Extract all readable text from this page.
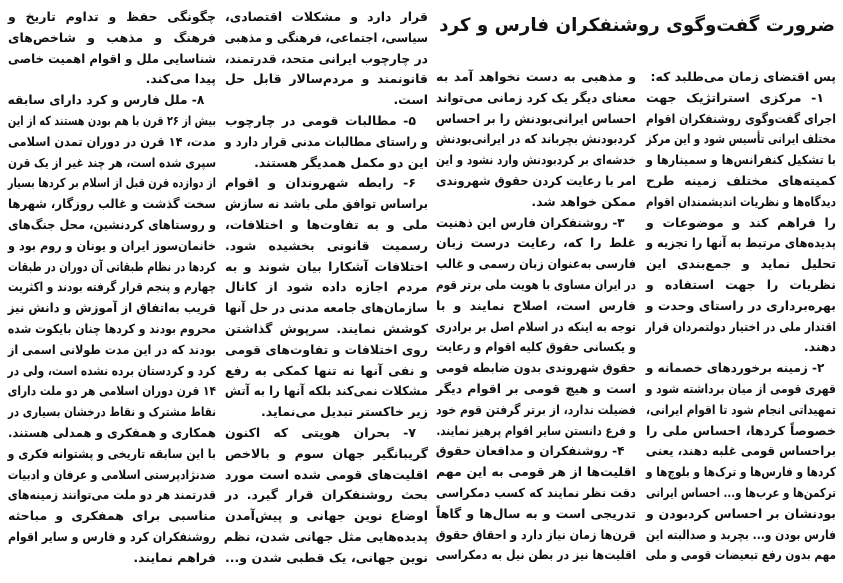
ضرورت گفت‌وگوی روشنفکران فارس و کرد
پس اقتضای زمان می‌طلبد که:
۱- مرکزی استراتژیک جهت
اجرای گفت‌وگوی روشنفکران اقوام
مختلف ایرانی تأسیس شود و این مرکز
با تشکیل کنفرانس‌ها و سمینارها و
کمیته‌های مختلف زمینه طرح
دیدگاه‌ها و نظریات اندیشمندان اقوام
را فراهم کند و موضوعات و
پدیده‌های مرتبط به آنها را تجزیه و
تحلیل نماید و جمع‌بندی این
نظریات را جهت استفاده و
بهره‌برداری در راستای وحدت و
اقتدار ملی در اختیار دولتمردان قرار
دهند.
۲- زمینه برخوردهای خصمانه و
قهری قومی از میان برداشته شود و
تمهیداتی انجام شود تا اقوام ایرانی،
خصوصاً کردها، احساس ملی را
براحساس قومی غلبه دهند، یعنی
کردها و فارس‌ها و ترک‌ها و بلوچ‌ها و
ترکمن‌ها و عرب‌ها و... احساس ایرانی
بودنشان بر احساس کردبودن و
فارس بودن و... بچربد و صدالبته این
مهم بدون رفع تبعیضات قومی و ملی
و مذهبی به دست نخواهد آمد به
معنای دیگر یک کرد زمانی می‌تواند
احساس ایرانی‌بودنش را بر احساس
کردبودنش بچرباند که در ایرانی‌بودنش
خدشه‌ای بر کردبودنش وارد نشود و این
امر با رعایت کردن حقوق شهروندی
ممکن خواهد شد.
۳- روشنفکران فارس این ذهنیت
غلط را که، رعایت درست زبان
فارسی به‌عنوان زبان رسمی و غالب
در ایران مساوی با هویت ملی برتر قوم
فارس است، اصلاح نمایند و با
توجه به اینکه در اسلام اصل بر برادری
و یکسانی حقوق کلیه اقوام و رعایت
حقوق شهروندی بدون ضابطه قومی
است و هیچ قومی بر اقوام دیگر
فضیلت ندارد، از برتر گرفتن قوم خود
و فرع دانستن سایر اقوام پرهیز نمایند.
۴- روشنفکران و مدافعان حقوق
اقلیت‌ها از هر قومی به این مهم
دقت نظر نمایند که کسب دمکراسی
تدریجی است و به سال‌ها و گاهاً
قرن‌ها زمان نیاز دارد و احقاق حقوق
اقلیت‌ها نیز در بطن نیل به دمکراسی
قرار دارد و مشکلات اقتصادی،
سیاسی، اجتماعی، فرهنگی و مذهبی
در چارچوب ایرانی متحد، قدرتمند،
قانونمند و مردم‌سالار قابل حل
است.
۵- مطالبات قومی در چارچوب
و راستای مطالبات مدنی قرار دارد و
این دو مکمل همدیگر هستند.
۶- رابطه شهروندان و اقوام
براساس توافق ملی باشد نه سازش
ملی و به تفاوت‌ها و اختلافات،
رسمیت قانونی بخشیده شود.
اختلافات آشکارا بیان شوند و به
مردم اجازه داده شود از کانال
سازمان‌های جامعه مدنی در حل آنها
کوشش نمایند. سرپوش گذاشتن
روی اختلافات و تفاوت‌های قومی
و نفی آنها نه تنها کمکی به رفع
مشکلات نمی‌کند بلکه آنها را به آتش
زیر خاکستر تبدیل می‌نماید.
۷- بحران هویتی که اکنون
گریبانگیر جهان سوم و بالاخص
اقلیت‌های قومی شده است مورد
بحث روشنفکران قرار گیرد. در
اوضاع نوین جهانی و پیش‌آمدن
پدیده‌هایی مثل جهانی شدن، نظم
نوین جهانی، یک قطبی شدن و...
چگونگی حفظ و تداوم تاریخ و
فرهنگ و مذهب و شاخص‌های
شناسایی ملل و اقوام اهمیت خاصی
پیدا می‌کند.
۸- ملل فارس و کرد دارای سابقه
بیش از ۲۶ قرن با هم بودن هستند که از این
مدت، ۱۴ قرن در دوران تمدن اسلامی
سپری شده است، هر چند غیر از یک قرن
از دوازده قرن قبل از اسلام بر کردها بسیار
سخت گذشت و غالب روزگار، شهرها
و روستاهای کردنشین، محل جنگ‌های
خانمان‌سوز ایران و یونان و روم بود و
کردها در نظام طبقاتی آن دوران در طبقات
چهارم و پنجم قرار گرفته بودند و اکثریت
قریب به‌اتفاق از آموزش و دانش نیز
محروم بودند و کردها چنان بایکوت شده
بودند که در این مدت طولانی اسمی از
کرد و کردستان برده نشده است، ولی در
۱۴ قرن دوران اسلامی هر دو ملت دارای
نقاط مشترک و نقاط درخشان بسیاری در
همکاری و همفکری و همدلی هستند.
با این سابقه تاریخی و پشتوانه فکری و
ضدنژادپرستی اسلامی و عرفان و ادبیات
قدرتمند هر دو ملت می‌توانند زمینه‌های
مناسبی برای همفکری و مباحثه
روشنفکران کرد و فارس و سایر اقوام
فراهم نمایند.
